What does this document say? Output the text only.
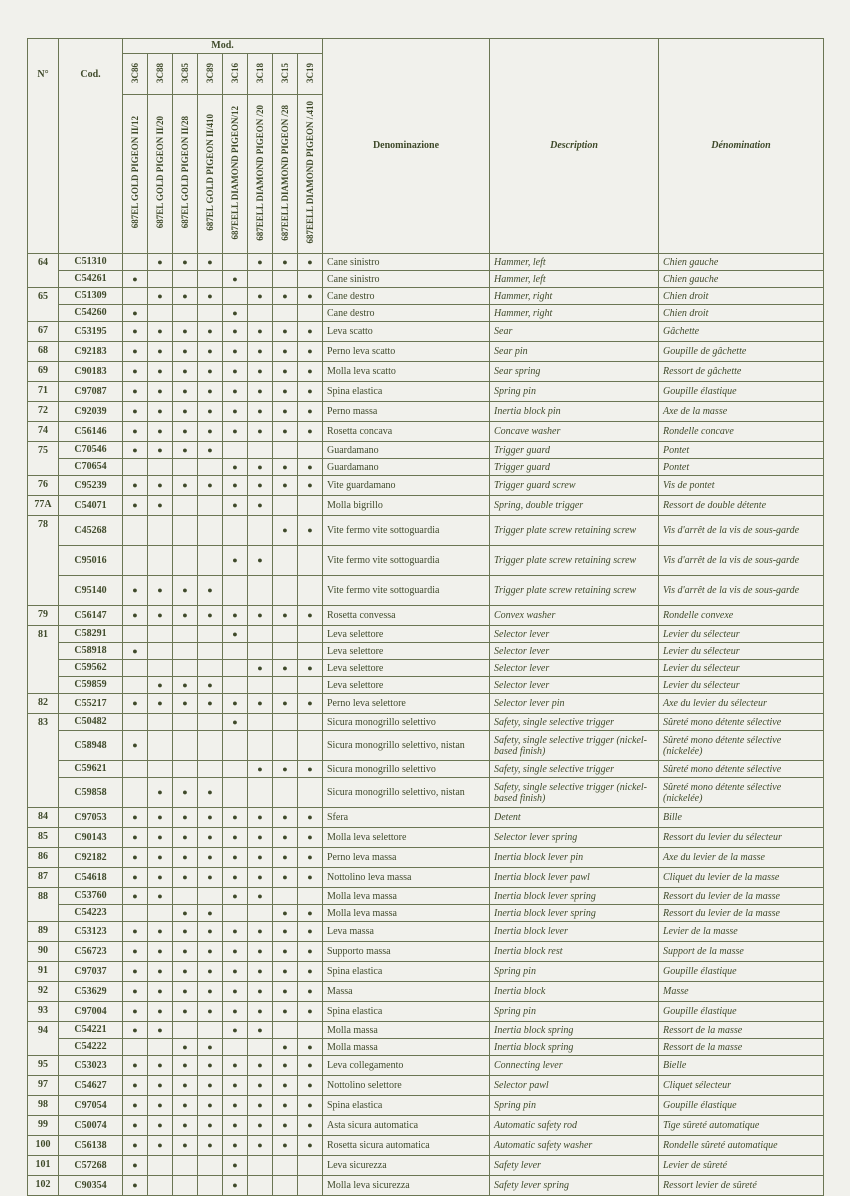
N°	Cod.	Mod.								Denominazione	Description	Dénomination
		3C86	3C88	3C85	3C89	3C16	3C18	3C15	3C19			
		687EL GOLD PIGEON II/12	687EL GOLD PIGEON II/20	687EL GOLD PIGEON II/28	687EL GOLD PIGEON II/410	687EELL DIAMOND PIGEON/12	687EELL DIAMOND PIGEON /20	687EELL DIAMOND PIGEON /28	687EELL DIAMOND PIGEON /.410			
64	C51310		●	●	●		●	●	●	Cane sinistro	Hammer, left	Chien gauche
	C54261	●				●				Cane sinistro	Hammer, left	Chien gauche
65	C51309		●	●	●		●	●	●	Cane destro	Hammer, right	Chien droit
	C54260	●				●				Cane destro	Hammer, right	Chien droit
67	C53195	●	●	●	●	●	●	●	●	Leva scatto	Sear	Gâchette
68	C92183	●	●	●	●	●	●	●	●	Perno leva scatto	Sear pin	Goupille de gâchette
69	C90183	●	●	●	●	●	●	●	●	Molla leva scatto	Sear spring	Ressort de gâchette
71	C97087	●	●	●	●	●	●	●	●	Spina elastica	Spring pin	Goupille élastique
72	C92039	●	●	●	●	●	●	●	●	Perno massa	Inertia block pin	Axe de la masse
74	C56146	●	●	●	●	●	●	●	●	Rosetta concava	Concave washer	Rondelle concave
75	C70546	●	●	●	●					Guardamano	Trigger guard	Pontet
	C70654					●	●	●	●	Guardamano	Trigger guard	Pontet
76	C95239	●	●	●	●	●	●	●	●	Vite guardamano	Trigger guard screw	Vis de pontet
77A	C54071	●	●			●	●			Molla bigrillo	Spring, double trigger	Ressort de double détente
78	C45268							●	●	Vite fermo vite sottoguardia	Trigger plate screw retaining screw	Vis d'arrêt de la vis de sous-garde
	C95016					●	●			Vite fermo vite sottoguardia	Trigger plate screw retaining screw	Vis d'arrêt de la vis de sous-garde
	C95140	●	●	●	●					Vite fermo vite sottoguardia	Trigger plate screw retaining screw	Vis d'arrêt de la vis de sous-garde
79	C56147	●	●	●	●	●	●	●	●	Rosetta convessa	Convex washer	Rondelle convexe
81	C58291					●				Leva selettore	Selector lever	Levier du sélecteur
	C58918	●								Leva selettore	Selector lever	Levier du sélecteur
	C59562						●	●	●	Leva selettore	Selector lever	Levier du sélecteur
	C59859		●	●	●					Leva selettore	Selector lever	Levier du sélecteur
82	C55217	●	●	●	●	●	●	●	●	Perno leva selettore	Selector lever pin	Axe du levier du sélecteur
83	C50482					●				Sicura monogrillo selettivo	Safety, single selective trigger	Sûreté mono détente sélective
	C58948	●								Sicura monogrillo selettivo, nistan	Safety, single selective trigger (nickel-based finish)	Sûreté mono détente sélective (nickelée)
	C59621						●	●	●	Sicura monogrillo selettivo	Safety, single selective trigger	Sûreté mono détente sélective
	C59858		●	●	●					Sicura monogrillo selettivo, nistan	Safety, single selective trigger (nickel-based finish)	Sûreté mono détente sélective (nickelée)
84	C97053	●	●	●	●	●	●	●	●	Sfera	Detent	Bille
85	C90143	●	●	●	●	●	●	●	●	Molla leva selettore	Selector lever spring	Ressort du levier du sélecteur
86	C92182	●	●	●	●	●	●	●	●	Perno leva massa	Inertia block lever pin	Axe du levier de la masse
87	C54618	●	●	●	●	●	●	●	●	Nottolino leva massa	Inertia block lever pawl	Cliquet du levier de la masse
88	C53760	●	●			●	●			Molla leva massa	Inertia block lever spring	Ressort du levier de la masse
	C54223			●	●			●	●	Molla leva massa	Inertia block lever spring	Ressort du levier de la masse
89	C53123	●	●	●	●	●	●	●	●	Leva massa	Inertia block lever	Levier de la masse
90	C56723	●	●	●	●	●	●	●	●	Supporto massa	Inertia block rest	Support de la masse
91	C97037	●	●	●	●	●	●	●	●	Spina elastica	Spring pin	Goupille élastique
92	C53629	●	●	●	●	●	●	●	●	Massa	Inertia block	Masse
93	C97004	●	●	●	●	●	●	●	●	Spina elastica	Spring pin	Goupille élastique
94	C54221	●	●			●	●			Molla massa	Inertia block spring	Ressort de la masse
	C54222			●	●			●	●	Molla massa	Inertia block spring	Ressort de la masse
95	C53023	●	●	●	●	●	●	●	●	Leva collegamento	Connecting lever	Bielle
97	C54627	●	●	●	●	●	●	●	●	Nottolino selettore	Selector pawl	Cliquet sélecteur
98	C97054	●	●	●	●	●	●	●	●	Spina elastica	Spring pin	Goupille élastique
99	C50074	●	●	●	●	●	●	●	●	Asta sicura automatica	Automatic safety rod	Tige sûreté automatique
100	C56138	●	●	●	●	●	●	●	●	Rosetta sicura automatica	Automatic safety washer	Rondelle sûreté automatique
101	C57268	●				●				Leva sicurezza	Safety lever	Levier de sûreté
102	C90354	●				●				Molla leva sicurezza	Safety lever spring	Ressort levier de sûreté
